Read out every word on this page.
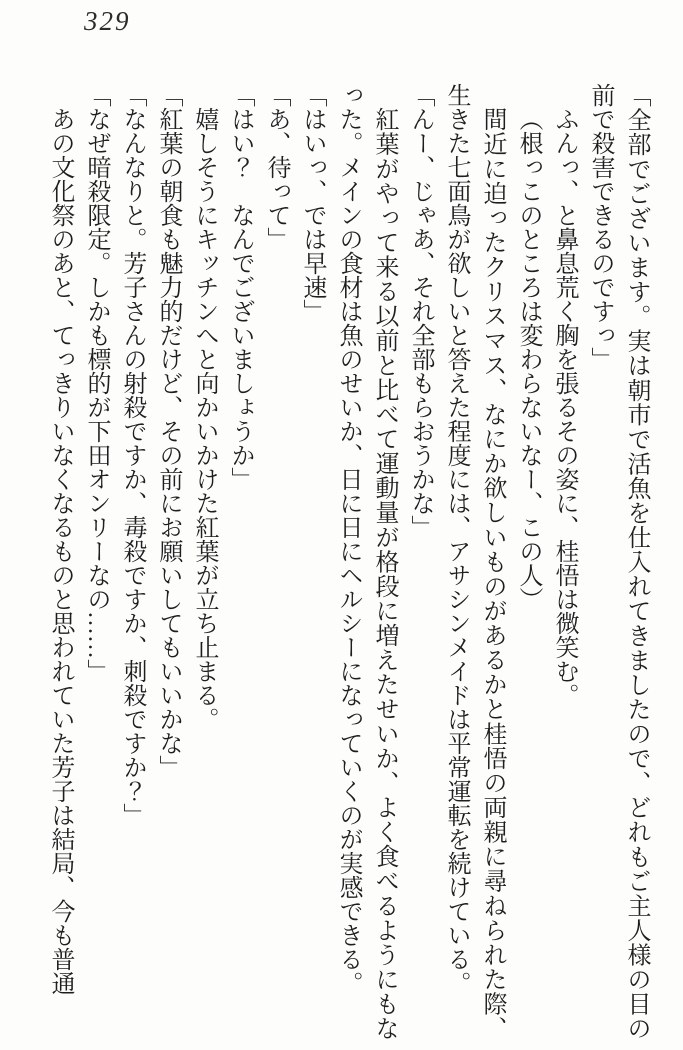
329

「全部でございます。実は朝市で活魚を仕入れてきましたので、どれもご主人様の目の前で殺害できるのですっ」

ふんっ、と鼻息荒く胸を張るその姿に、桂悟は微笑む。

（根っこのところは変わらないなー、この人）

間近に迫ったクリスマス、なにか欲しいものがあるかと桂悟の両親に尋ねられた際、生きた七面鳥が欲しいと答えた程度には、アサシンメイドは平常運転を続けている。

「んー、じゃあ、それ全部もらおうかな」

紅葉がやって来る以前と比べて運動量が格段に増えたせいか、よく食べるようにもなった。メインの食材は魚のせいか、日に日にヘルシーになっていくのが実感できる。

「はいっ、では早速」

「あ、待って」

「はい？　なんでございましょうか」

嬉しそうにキッチンへと向かいかけた紅葉が立ち止まる。

「紅葉の朝食も魅力的だけど、その前にお願いしてもいいかな」

「なんなりと。芳子さんの射殺ですか、毒殺ですか、刺殺ですか？」

「なぜ暗殺限定。しかも標的が下田オンリーなの……」

あの文化祭のあと、てっきりいなくなるものと思われていた芳子は結局、今も普通
